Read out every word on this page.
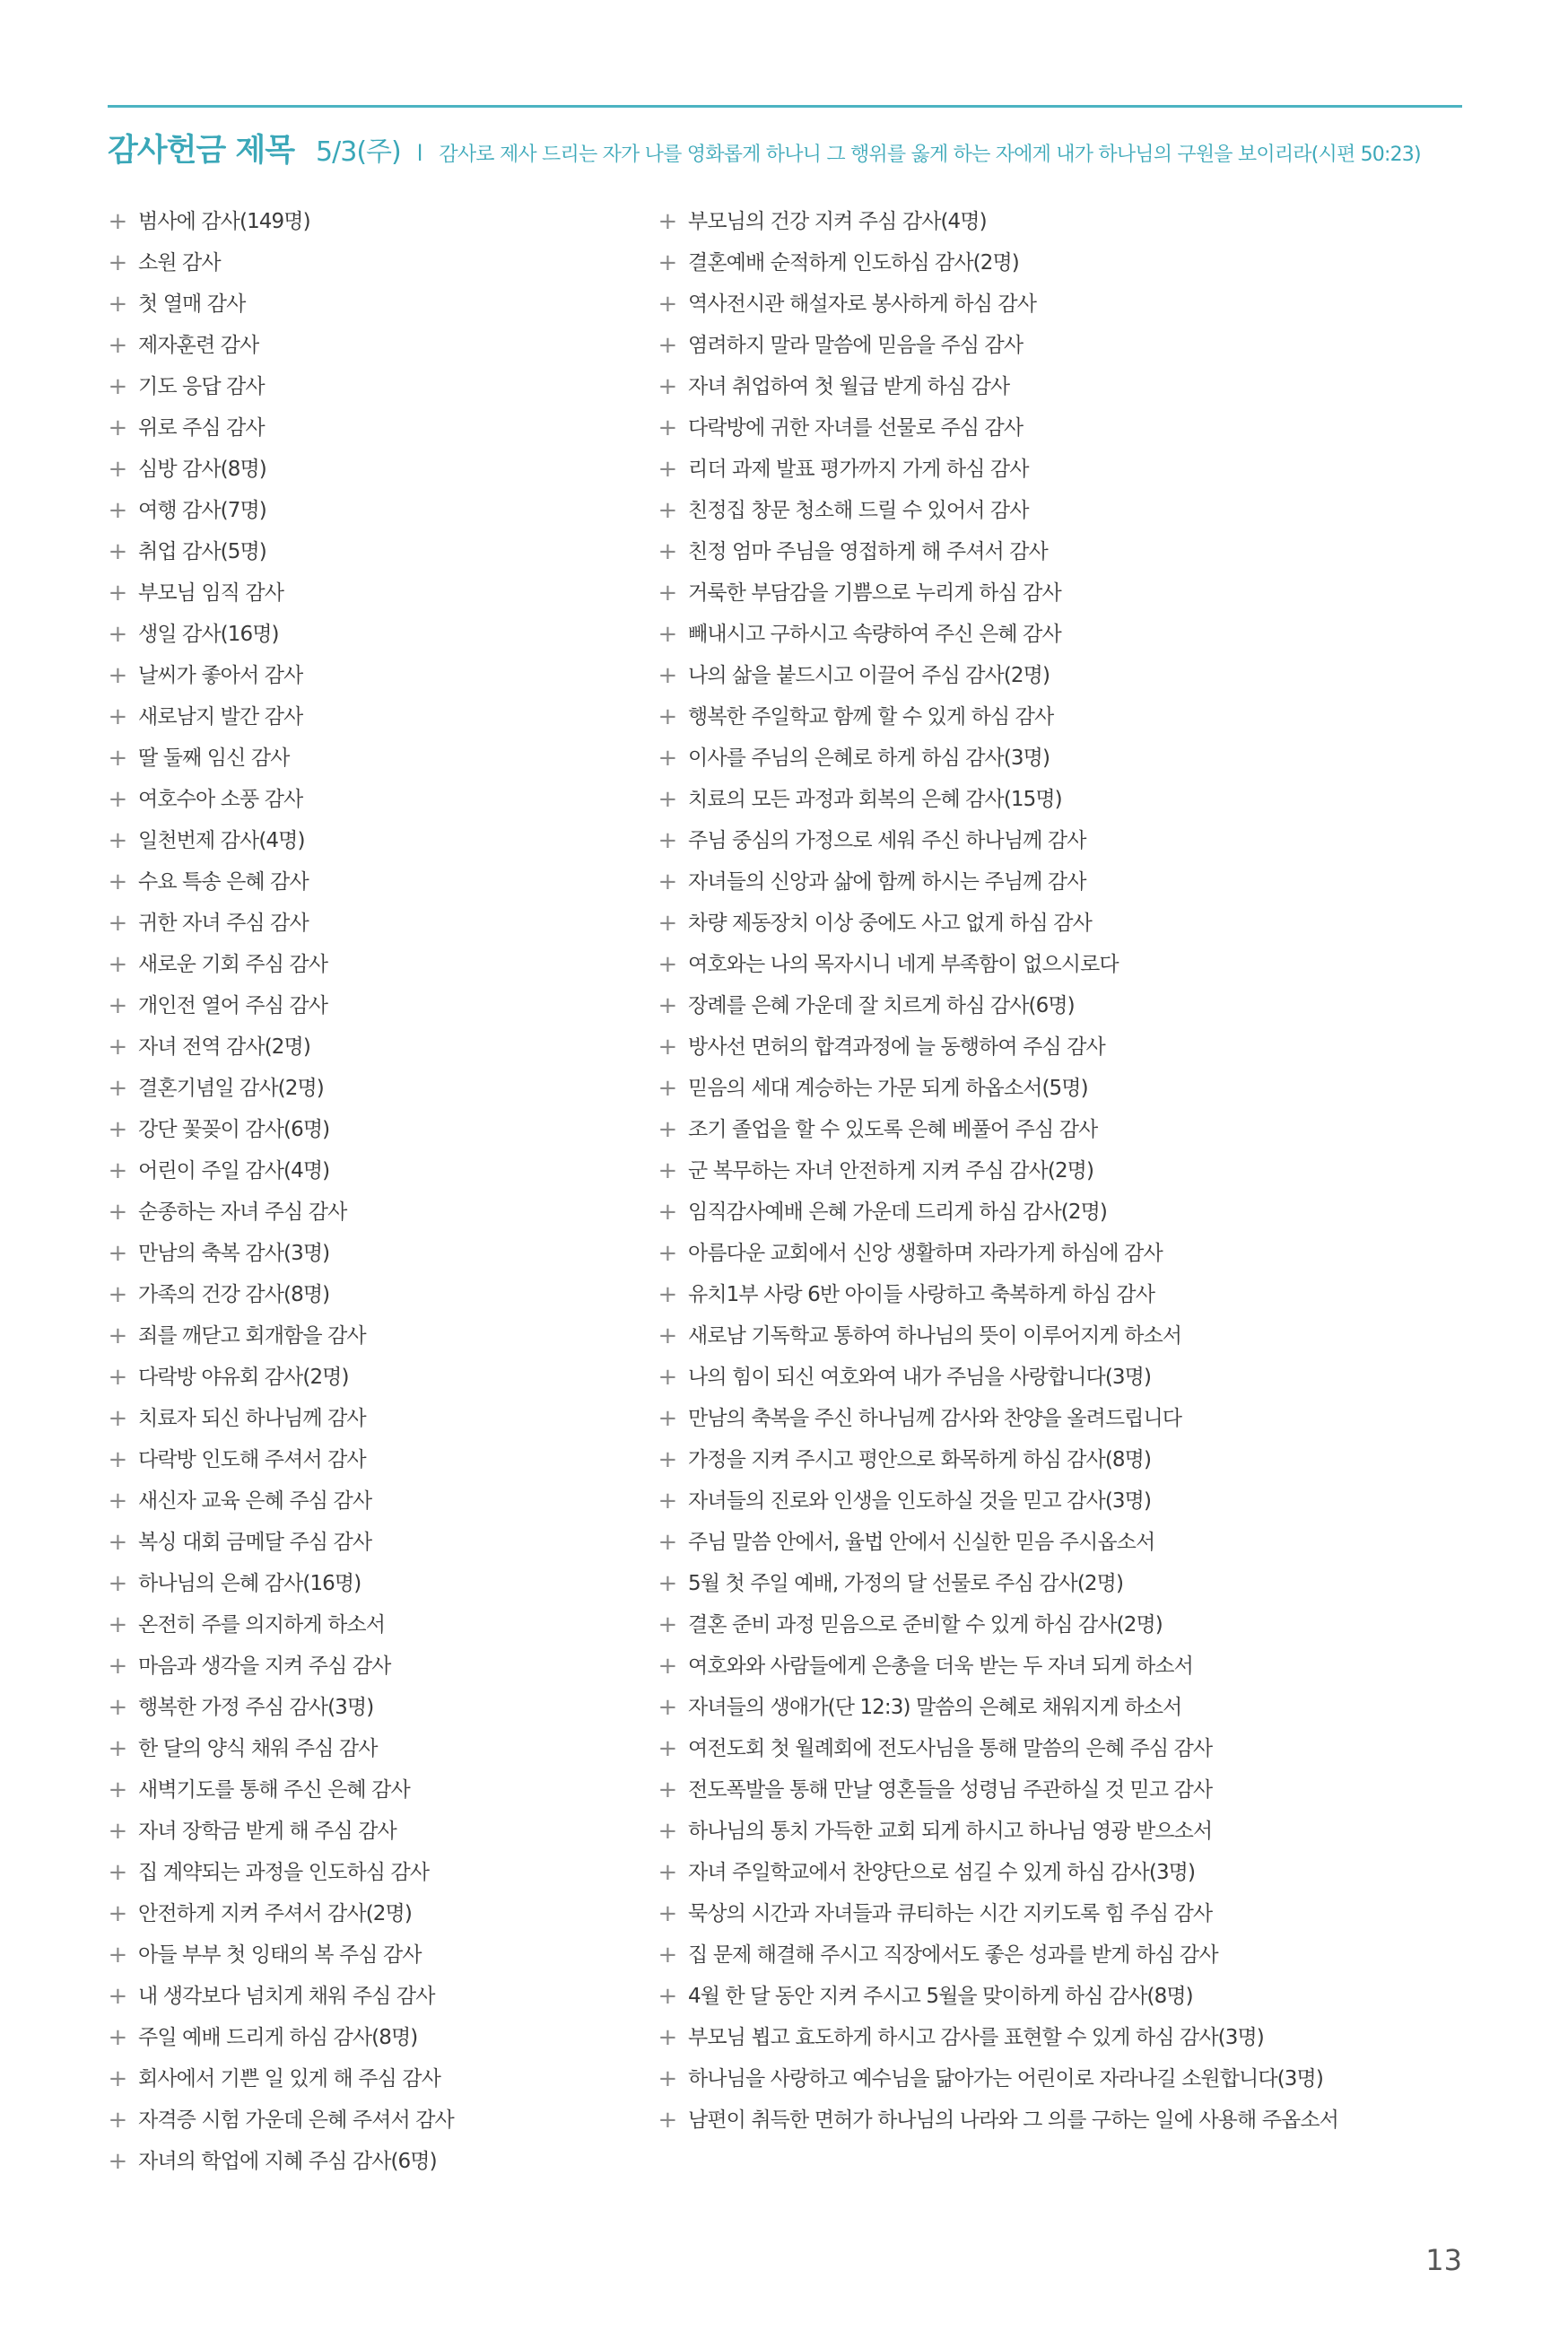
감사헌금 제목 5/3(주) l 감사로 제사 드리는 자가 나를 영화롭게 하나니 그 행위를 옳게 하는 자에게 내가 하나님의 구원을 보이리라(시편 50:23)
+ 범사에 감사(149명)
+ 소원 감사
+ 첫 열매 감사
+ 제자훈련 감사
+ 기도 응답 감사
+ 위로 주심 감사
+ 심방 감사(8명)
+ 여행 감사(7명)
+ 취업 감사(5명)
+ 부모님 임직 감사
+ 생일 감사(16명)
+ 날씨가 좋아서 감사
+ 새로남지 발간 감사
+ 딸 둘째 임신 감사
+ 여호수아 소풍 감사
+ 일천번제 감사(4명)
+ 수요 특송 은혜 감사
+ 귀한 자녀 주심 감사
+ 새로운 기회 주심 감사
+ 개인전 열어 주심 감사
+ 자녀 전역 감사(2명)
+ 결혼기념일 감사(2명)
+ 강단 꽃꽂이 감사(6명)
+ 어린이 주일 감사(4명)
+ 순종하는 자녀 주심 감사
+ 만남의 축복 감사(3명)
+ 가족의 건강 감사(8명)
+ 죄를 깨닫고 회개함을 감사
+ 다락방 야유회 감사(2명)
+ 치료자 되신 하나님께 감사
+ 다락방 인도해 주셔서 감사
+ 새신자 교육 은혜 주심 감사
+ 복싱 대회 금메달 주심 감사
+ 하나님의 은혜 감사(16명)
+ 온전히 주를 의지하게 하소서
+ 마음과 생각을 지켜 주심 감사
+ 행복한 가정 주심 감사(3명)
+ 한 달의 양식 채워 주심 감사
+ 새벽기도를 통해 주신 은혜 감사
+ 자녀 장학금 받게 해 주심 감사
+ 집 계약되는 과정을 인도하심 감사
+ 안전하게 지켜 주셔서 감사(2명)
+ 아들 부부 첫 잉태의 복 주심 감사
+ 내 생각보다 넘치게 채워 주심 감사
+ 주일 예배 드리게 하심 감사(8명)
+ 회사에서 기쁜 일 있게 해 주심 감사
+ 자격증 시험 가운데 은혜 주셔서 감사
+ 자녀의 학업에 지혜 주심 감사(6명)
+ 부모님의 건강 지켜 주심 감사(4명)
+ 결혼예배 순적하게 인도하심 감사(2명)
+ 역사전시관 해설자로 봉사하게 하심 감사
+ 염려하지 말라 말씀에 믿음을 주심 감사
+ 자녀 취업하여 첫 월급 받게 하심 감사
+ 다락방에 귀한 자녀를 선물로 주심 감사
+ 리더 과제 발표 평가까지 가게 하심 감사
+ 친정집 창문 청소해 드릴 수 있어서 감사
+ 친정 엄마 주님을 영접하게 해 주셔서 감사
+ 거룩한 부담감을 기쁨으로 누리게 하심 감사
+ 빼내시고 구하시고 속량하여 주신 은혜 감사
+ 나의 삶을 붙드시고 이끌어 주심 감사(2명)
+ 행복한 주일학교 함께 할 수 있게 하심 감사
+ 이사를 주님의 은혜로 하게 하심 감사(3명)
+ 치료의 모든 과정과 회복의 은혜 감사(15명)
+ 주님 중심의 가정으로 세워 주신 하나님께 감사
+ 자녀들의 신앙과 삶에 함께 하시는 주님께 감사
+ 차량 제동장치 이상 중에도 사고 없게 하심 감사
+ 여호와는 나의 목자시니 네게 부족함이 없으시로다
+ 장례를 은혜 가운데 잘 치르게 하심 감사(6명)
+ 방사선 면허의 합격과정에 늘 동행하여 주심 감사
+ 믿음의 세대 계승하는 가문 되게 하옵소서(5명)
+ 조기 졸업을 할 수 있도록 은혜 베풀어 주심 감사
+ 군 복무하는 자녀 안전하게 지켜 주심 감사(2명)
+ 임직감사예배 은혜 가운데 드리게 하심 감사(2명)
+ 아름다운 교회에서 신앙 생활하며 자라가게 하심에 감사
+ 유치1부 사랑 6반 아이들 사랑하고 축복하게 하심 감사
+ 새로남 기독학교 통하여 하나님의 뜻이 이루어지게 하소서
+ 나의 힘이 되신 여호와여 내가 주님을 사랑합니다(3명)
+ 만남의 축복을 주신 하나님께 감사와 찬양을 올려드립니다
+ 가정을 지켜 주시고 평안으로 화목하게 하심 감사(8명)
+ 자녀들의 진로와 인생을 인도하실 것을 믿고 감사(3명)
+ 주님 말씀 안에서, 율법 안에서 신실한 믿음 주시옵소서
+ 5월 첫 주일 예배, 가정의 달 선물로 주심 감사(2명)
+ 결혼 준비 과정 믿음으로 준비할 수 있게 하심 감사(2명)
+ 여호와와 사람들에게 은총을 더욱 받는 두 자녀 되게 하소서
+ 자녀들의 생애가(단 12:3) 말씀의 은혜로 채워지게 하소서
+ 여전도회 첫 월례회에 전도사님을 통해 말씀의 은혜 주심 감사
+ 전도폭발을 통해 만날 영혼들을 성령님 주관하실 것 믿고 감사
+ 하나님의 통치 가득한 교회 되게 하시고 하나님 영광 받으소서
+ 자녀 주일학교에서 찬양단으로 섬길 수 있게 하심 감사(3명)
+ 묵상의 시간과 자녀들과 큐티하는 시간 지키도록 힘 주심 감사
+ 집 문제 해결해 주시고 직장에서도 좋은 성과를 받게 하심 감사
+ 4월 한 달 동안 지켜 주시고 5월을 맞이하게 하심 감사(8명)
+ 부모님 뵙고 효도하게 하시고 감사를 표현할 수 있게 하심 감사(3명)
+ 하나님을 사랑하고 예수님을 닮아가는 어린이로 자라나길 소원합니다(3명)
+ 남편이 취득한 면허가 하나님의 나라와 그 의를 구하는 일에 사용해 주옵소서
13
